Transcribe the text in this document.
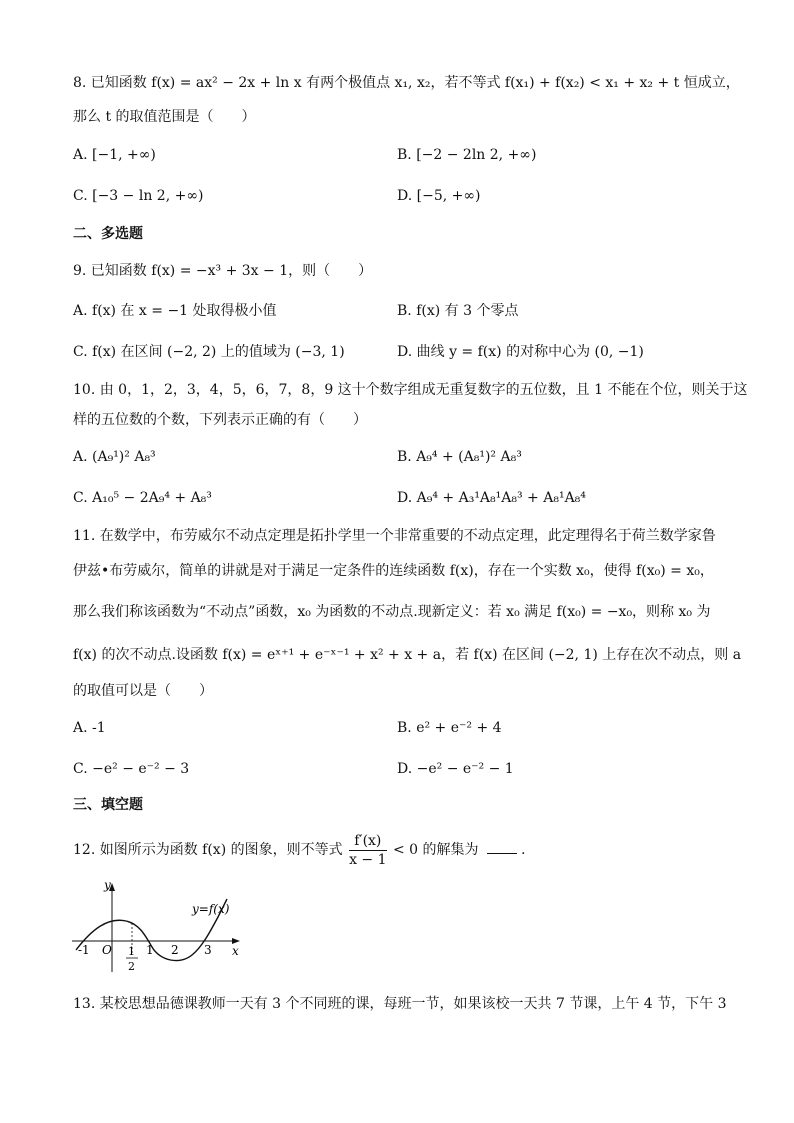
8. 已知函数 f(x) = ax² − 2x + ln x 有两个极值点 x₁, x₂，若不等式 f(x₁) + f(x₂) < x₁ + x₂ + t 恒成立，
那么 t 的取值范围是（　　）
A. [−1, +∞)	B. [−2 − 2ln 2, +∞)
C. [−3 − ln 2, +∞)	D. [−5, +∞)
二、多选题
9. 已知函数 f(x) = −x³ + 3x − 1，则（　　）
A. f(x) 在 x = −1 处取得极小值	B. f(x) 有 3 个零点
C. f(x) 在区间 (−2, 2) 上的值域为 (−3, 1)	D. 曲线 y = f(x) 的对称中心为 (0, −1)
10. 由 0，1，2，3，4，5，6，7，8，9 这十个数字组成无重复数字的五位数，且 1 不能在个位，则关于这
样的五位数的个数，下列表示正确的有（　　）
A. (A₉¹)² A₈³	B. A₉⁴ + (A₈¹)² A₈³
C. A₁₀⁵ − 2A₉⁴ + A₈³	D. A₉⁴ + A₃¹A₈¹A₈³ + A₈¹A₈⁴
11. 在数学中，布劳威尔不动点定理是拓扑学里一个非常重要的不动点定理，此定理得名于荷兰数学家鲁
伊兹•布劳威尔，简单的讲就是对于满足一定条件的连续函数 f(x)，存在一个实数 x₀，使得 f(x₀) = x₀，
那么我们称该函数为“不动点”函数，x₀ 为函数的不动点.现新定义：若 x₀ 满足 f(x₀) = −x₀，则称 x₀ 为
f(x) 的次不动点.设函数 f(x) = eˣ⁺¹ + e⁻ˣ⁻¹ + x² + x + a，若 f(x) 在区间 (−2, 1) 上存在次不动点，则 a
的取值可以是（　　）
A. -1	B. e² + e⁻² + 4
C. −e² − e⁻² − 3	D. −e² − e⁻² − 1
三、填空题
12. 如图所示为函数 f(x) 的图象，则不等式 $\frac{f'(x)}{x - 1} < 0$ 的解集为	.
y
x
y=f(x)
O
-1	1 2 3
1
2
13. 某校思想品德课教师一天有 3 个不同班的课，每班一节，如果该校一天共 7 节课，上午 4 节，下午 3
